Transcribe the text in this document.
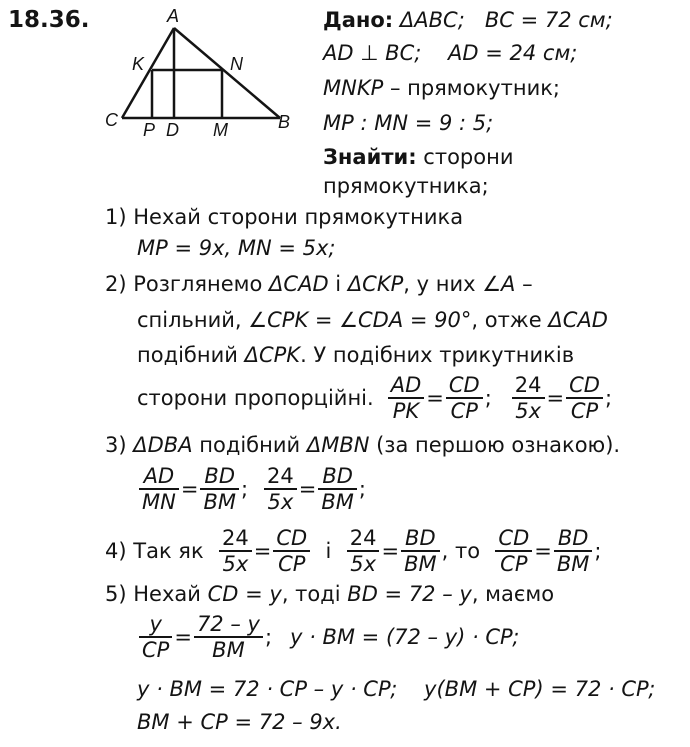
18.36.	A
K	N
C P D M	B
Дано: ΔABC; BC = 72 см;
AD ⊥ BC; AD = 24 см;
MNKP – прямокутник;
MP : MN = 9 : 5;
Знайти: сторони
прямокутника;
1) Нехай сторони прямокутника
MP = 9x, MN = 5x;
2) Розглянемо ΔCAD і ΔCKP, у них ∠A –
спільний, ∠CPK = ∠CDA = 90°, отже ΔCAD
подібний ΔCPK. У подібних трикутників
сторони пропорційні. $\frac{AD}{PK} = \frac{CD}{CP}$ ; $\frac{24}{5x} = \frac{CD}{CP}$ ;
3) ΔDBA подібний ΔMBN (за першою ознакою).
$\frac{AD}{MN} = \frac{BD}{BM}$ ; $\frac{24}{5x} = \frac{BD}{BM}$ ;
4)
Так як
$\frac{24}{5x} = \frac{CD}{CP}$
і
$\frac{24}{5x} = \frac{BD}{BM}$ , то
$\frac{CD}{CP} = \frac{BD}{BM}$ ;
5) Нехай CD = y, тоді BD = 72 – y, маємо
$\frac{y}{CP} = \frac{72 - y}{BM}$ ; y · BM = (72 – y) · CP;
y · BM = 72 · CP – y · CP; y(BM + CP) = 72 · CP;
BM + CP = 72 – 9x.
